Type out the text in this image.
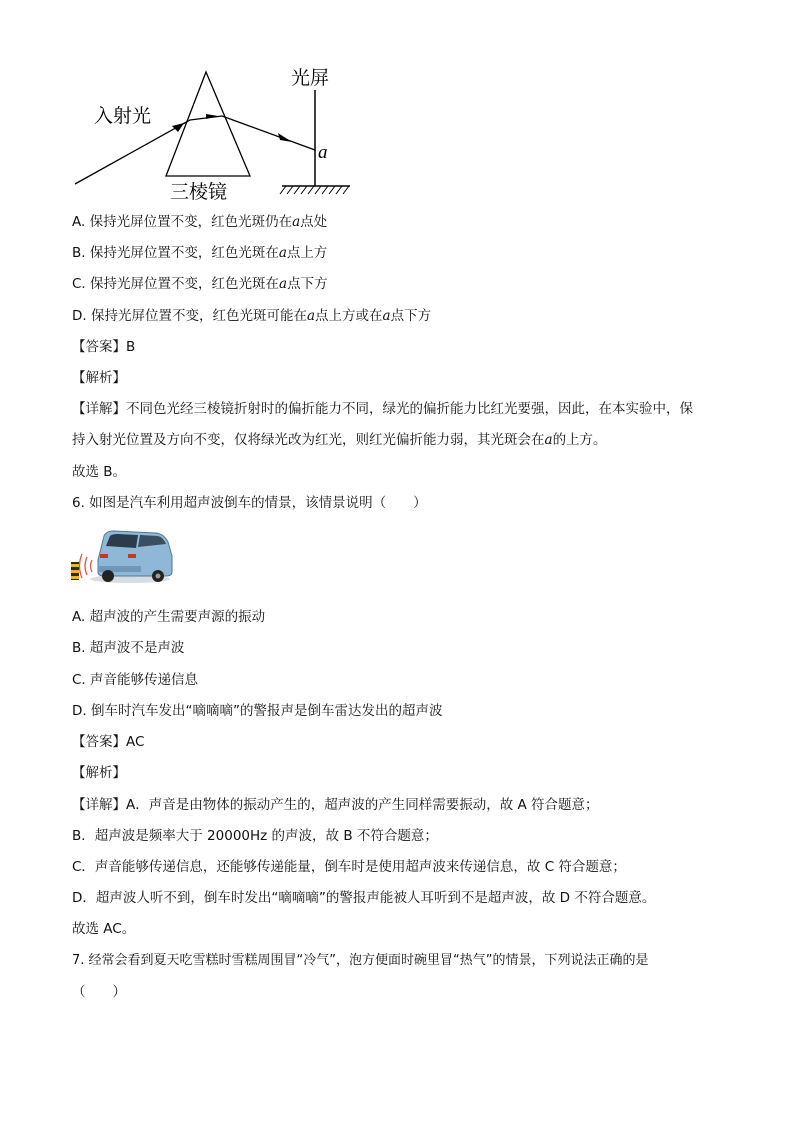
光屏
入射光
三棱镜
a
A. 保持光屏位置不变，红色光斑仍在a点处
B. 保持光屏位置不变，红色光斑在a点上方
C. 保持光屏位置不变，红色光斑在a点下方
D. 保持光屏位置不变，红色光斑可能在a点上方或在a点下方
【答案】B
【解析】
【详解】不同色光经三棱镜折射时的偏折能力不同，绿光的偏折能力比红光要强，因此，在本实验中，保
持入射光位置及方向不变，仅将绿光改为红光，则红光偏折能力弱，其光斑会在a的上方。
故选 B。
6. 如图是汽车利用超声波倒车的情景，该情景说明（　　）
A. 超声波的产生需要声源的振动
B. 超声波不是声波
C. 声音能够传递信息
D. 倒车时汽车发出“嘀嘀嘀”的警报声是倒车雷达发出的超声波
【答案】AC
【解析】
【详解】A．声音是由物体的振动产生的，超声波的产生同样需要振动，故 A 符合题意；
B．超声波是频率大于 20000Hz 的声波，故 B 不符合题意；
C．声音能够传递信息，还能够传递能量，倒车时是使用超声波来传递信息，故 C 符合题意；
D．超声波人听不到，倒车时发出“嘀嘀嘀”的警报声能被人耳听到不是超声波，故 D 不符合题意。
故选 AC。
7. 经常会看到夏天吃雪糕时雪糕周围冒“冷气”，泡方便面时碗里冒“热气”的情景，下列说法正确的是
（　　）
